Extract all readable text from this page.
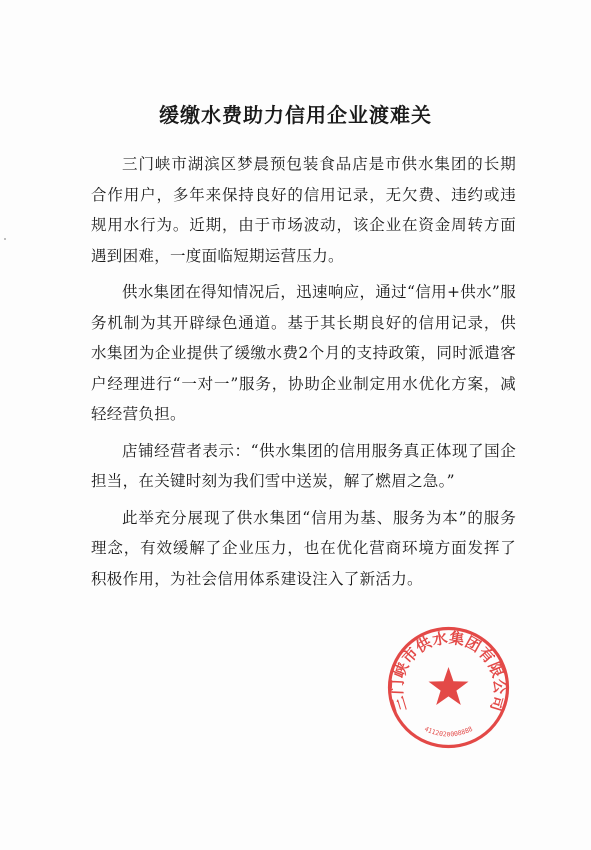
缓缴水费助力信用企业渡难关

三门峡市湖滨区梦晨预包装食品店是市供水集团的长期合作用户，多年来保持良好的信用记录，无欠费、违约或违规用水行为。近期，由于市场波动，该企业在资金周转方面遇到困难，一度面临短期运营压力。

供水集团在得知情况后，迅速响应，通过“信用+供水”服务机制为其开辟绿色通道。基于其长期良好的信用记录，供水集团为企业提供了缓缴水费2个月的支持政策，同时派遣客户经理进行“一对一”服务，协助企业制定用水优化方案，减轻经营负担。

店铺经营者表示：“供水集团的信用服务真正体现了国企担当，在关键时刻为我们雪中送炭，解了燃眉之急。”

此举充分展现了供水集团“信用为基、服务为本”的服务理念，有效缓解了企业压力，也在优化营商环境方面发挥了积极作用，为社会信用体系建设注入了新活力。

三门峡市供水集团有限公司
4112020008888
